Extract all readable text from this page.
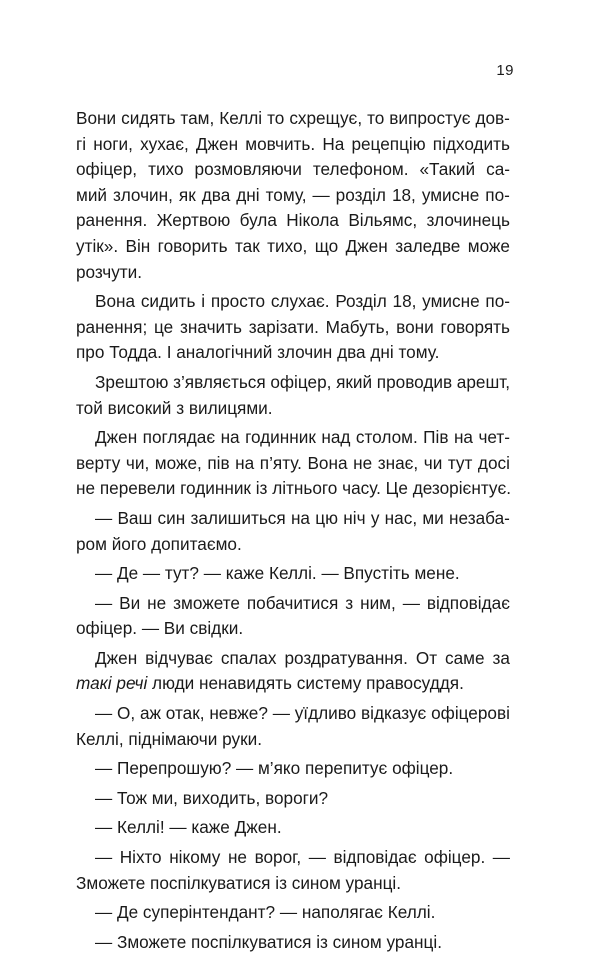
19
Вони сидять там, Келлі то схрещує, то випростує дов-
гі ноги, хухає, Джен мовчить. На рецепцію підходить
офіцер, тихо розмовляючи телефоном. «Такий са-
мий злочин, як два дні тому, — розділ 18, умисне по-
ранення. Жертвою була Нікола Вільямс, злочинець
утік». Він говорить так тихо, що Джен заледве може
розчути.
Вона сидить і просто слухає. Розділ 18, умисне по-
ранення; це значить зарізати. Мабуть, вони говорять
про Тодда. І аналогічний злочин два дні тому.
Зрештою з’являється офіцер, який проводив арешт,
той високий з вилицями.
Джен поглядає на годинник над столом. Пів на чет-
верту чи, може, пів на п’яту. Вона не знає, чи тут досі
не перевели годинник із літнього часу. Це дезорієнтує.
— Ваш син залишиться на цю ніч у нас, ми незаба-
ром його допитаємо.
— Де — тут? — каже Келлі. — Впустіть мене.
— Ви не зможете побачитися з ним, — відповідає
офіцер. — Ви свідки.
Джен відчуває спалах роздратування. От саме за
такі речі люди ненавидять систему правосуддя.
— О, аж отак, невже? — уїдливо відказує офіцерові
Келлі, піднімаючи руки.
— Перепрошую? — м’яко перепитує офіцер.
— Тож ми, виходить, вороги?
— Келлі! — каже Джен.
— Ніхто нікому не ворог, — відповідає офіцер. —
Зможете поспілкуватися із сином уранці.
— Де суперінтендант? — наполягає Келлі.
— Зможете поспілкуватися із сином уранці.
